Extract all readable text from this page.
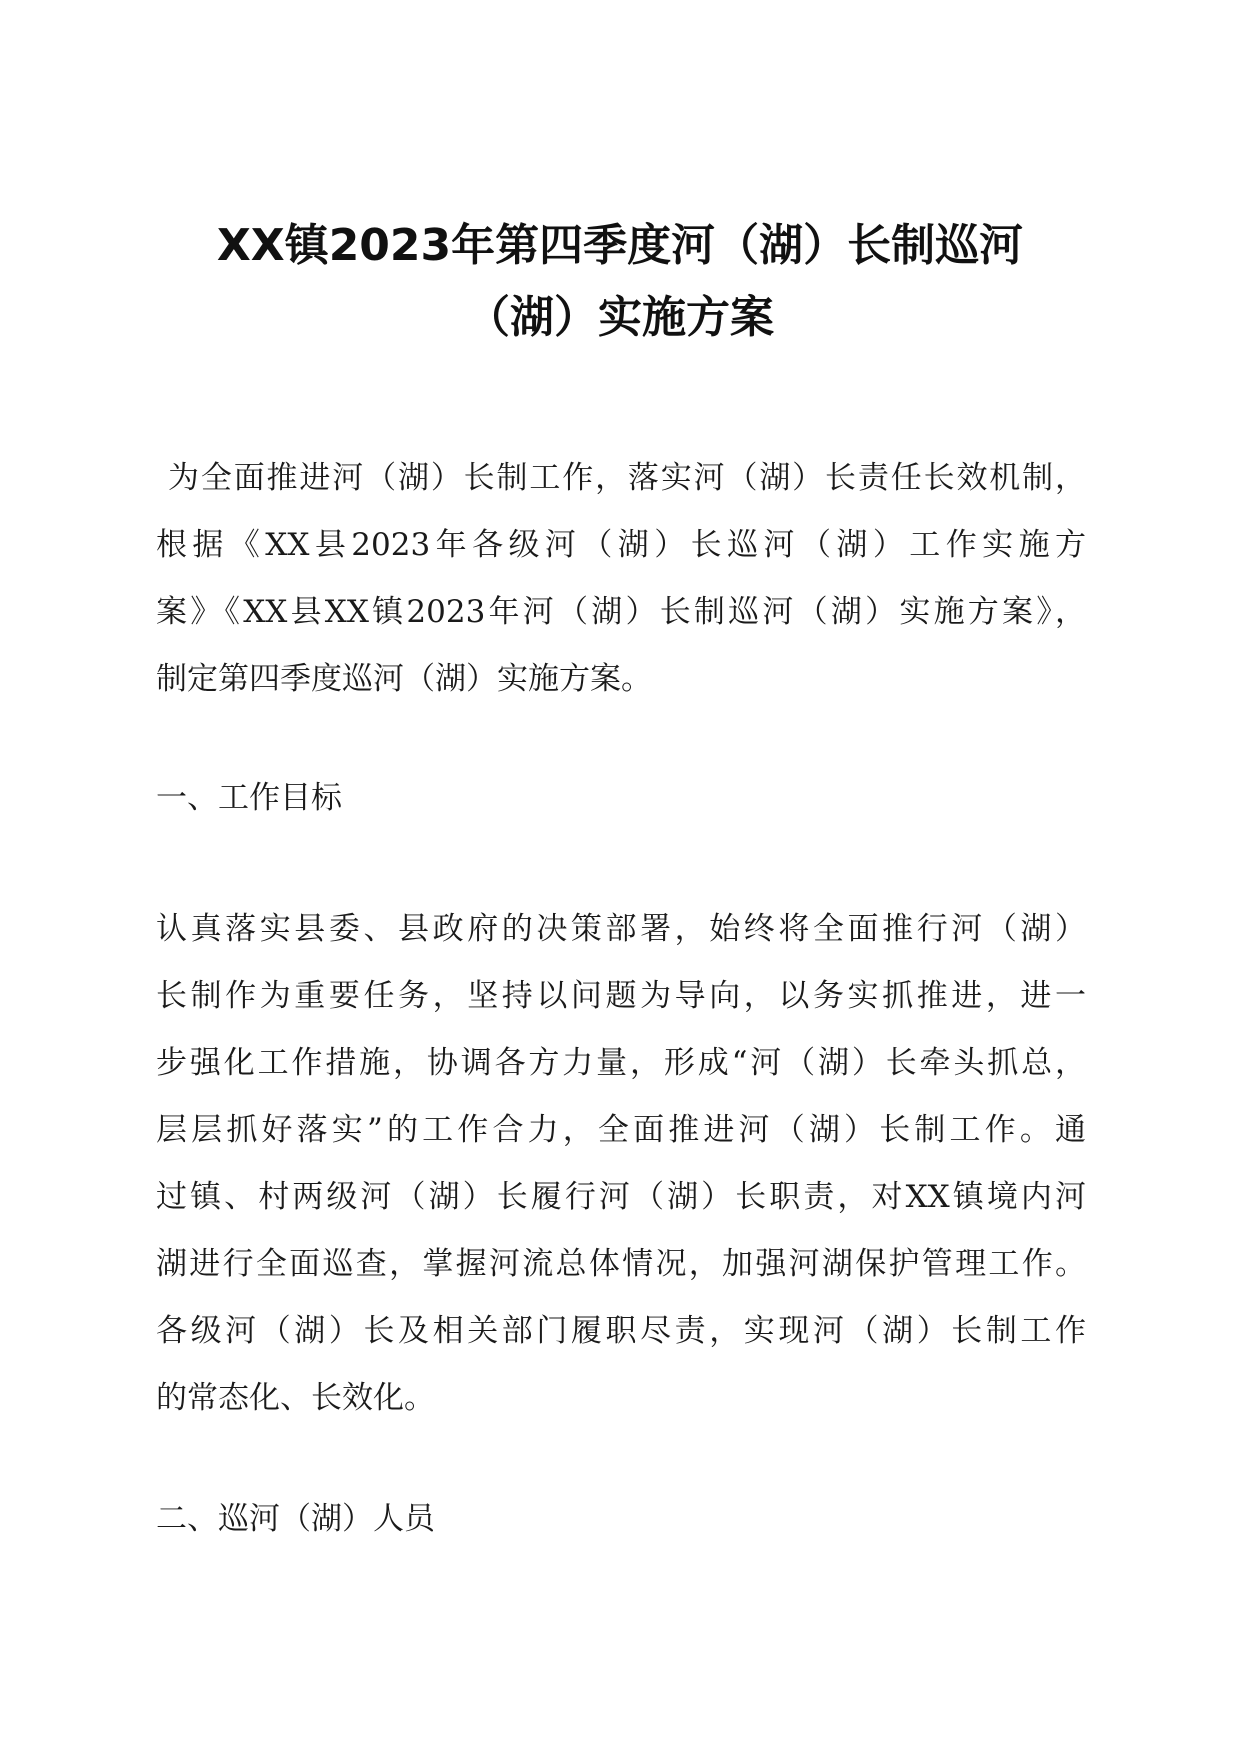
XX镇2023年第四季度河（湖）长制巡河
（湖）实施方案
为全面推进河（湖）长制工作，落实河（湖）长责任长效机制，
根据《XX县2023年各级河（湖）长巡河（湖）工作实施方
案》《XX县XX镇2023年河（湖）长制巡河（湖）实施方案》，
制定第四季度巡河（湖）实施方案。
一、工作目标
认真落实县委、县政府的决策部署，始终将全面推行河（湖）
长制作为重要任务，坚持以问题为导向，以务实抓推进，进一
步强化工作措施，协调各方力量，形成“河（湖）长牵头抓总，
层层抓好落实”的工作合力，全面推进河（湖）长制工作。通
过镇、村两级河（湖）长履行河（湖）长职责，对XX镇境内河
湖进行全面巡查，掌握河流总体情况，加强河湖保护管理工作。
各级河（湖）长及相关部门履职尽责，实现河（湖）长制工作
的常态化、长效化。
二、巡河（湖）人员
